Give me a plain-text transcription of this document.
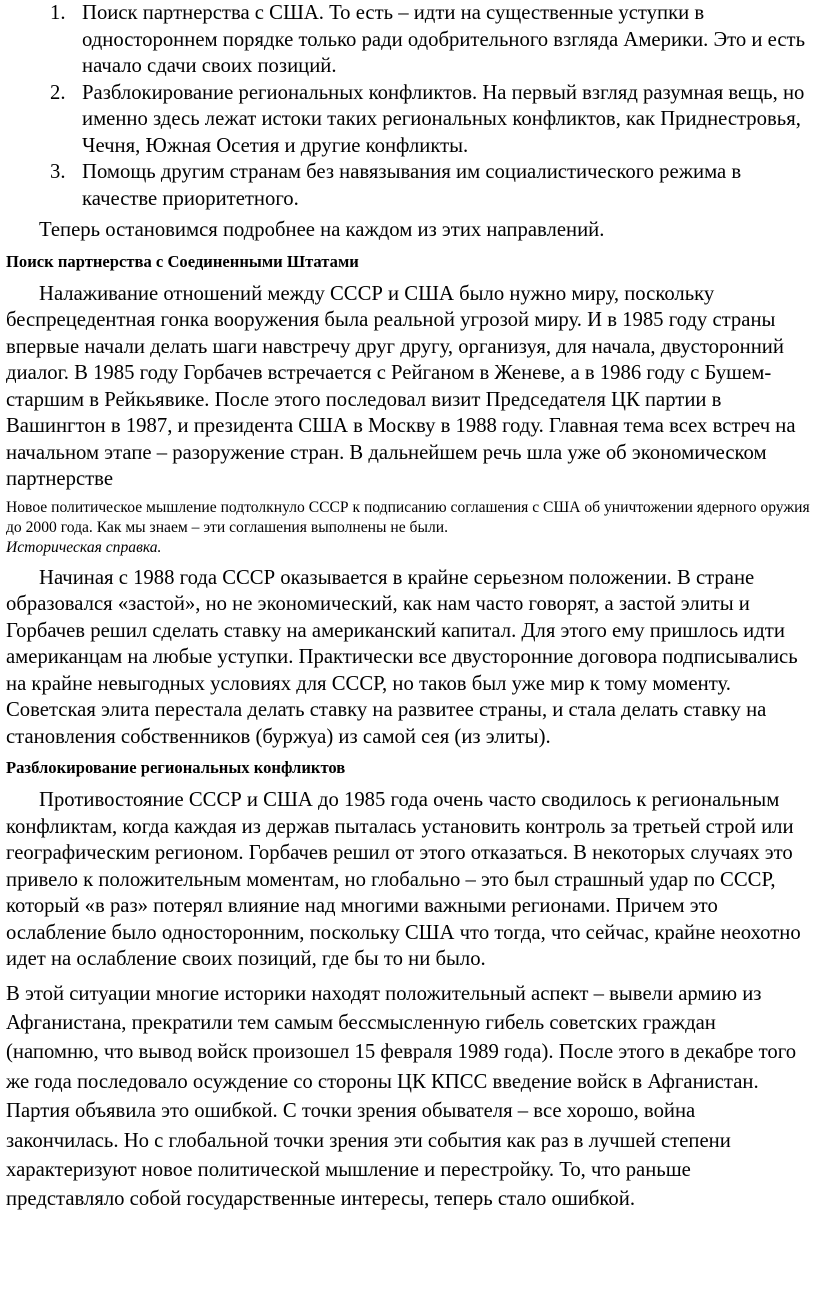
1. Поиск партнерства с США. То есть – идти на существенные уступки в одностороннем порядке только ради одобрительного взгляда Америки. Это и есть начало сдачи своих позиций.
2. Разблокирование региональных конфликтов. На первый взгляд разумная вещь, но именно здесь лежат истоки таких региональных конфликтов, как Приднестровья, Чечня, Южная Осетия и другие конфликты.
3. Помощь другим странам без навязывания им социалистического режима в качестве приоритетного.

Теперь остановимся подробнее на каждом из этих направлений.

Поиск партнерства с Соединенными Штатами

Налаживание отношений между СССР и США было нужно миру, поскольку беспрецедентная гонка вооружения была реальной угрозой миру. И в 1985 году страны впервые начали делать шаги навстречу друг другу, организуя, для начала, двусторонний диалог. В 1985 году Горбачев встречается с Рейганом в Женеве, а в 1986 году с Бушем-старшим в Рейкьявике. После этого последовал визит Председателя ЦК партии в Вашингтон в 1987, и президента США в Москву в 1988 году. Главная тема всех встреч на начальном этапе – разоружение стран. В дальнейшем речь шла уже об экономическом партнерстве

Новое политическое мышление подтолкнуло СССР к подписанию соглашения с США об уничтожении ядерного оружия до 2000 года. Как мы знаем – эти соглашения выполнены не были.

Историческая справка.

Начиная с 1988 года СССР оказывается в крайне серьезном положении. В стране образовался «застой», но не экономический, как нам часто говорят, а застой элиты и Горбачев решил сделать ставку на американский капитал. Для этого ему пришлось идти американцам на любые уступки. Практически все двусторонние договора подписывались на крайне невыгодных условиях для СССР, но таков был уже мир к тому моменту. Советская элита перестала делать ставку на развитее страны, и стала делать ставку на становления собственников (буржуа) из самой сея (из элиты).

Разблокирование региональных конфликтов

Противостояние СССР и США до 1985 года очень часто сводилось к региональным конфликтам, когда каждая из держав пыталась установить контроль за третьей строй или географическим регионом. Горбачев решил от этого отказаться. В некоторых случаях это привело к положительным моментам, но глобально – это был страшный удар по СССР, который «в раз» потерял влияние над многими важными регионами. Причем это ослабление было односторонним, поскольку США что тогда, что сейчас, крайне неохотно идет на ослабление своих позиций, где бы то ни было.

В этой ситуации многие историки находят положительный аспект – вывели армию из Афганистана, прекратили тем самым бессмысленную гибель советских граждан (напомню, что вывод войск произошел 15 февраля 1989 года). После этого в декабре того же года последовало осуждение со стороны ЦК КПСС введение войск в Афганистан. Партия объявила это ошибкой. С точки зрения обывателя – все хорошо, война закончилась. Но с глобальной точки зрения эти события как раз в лучшей степени характеризуют новое политической мышление и перестройку. То, что раньше представляло собой государственные интересы, теперь стало ошибкой.
